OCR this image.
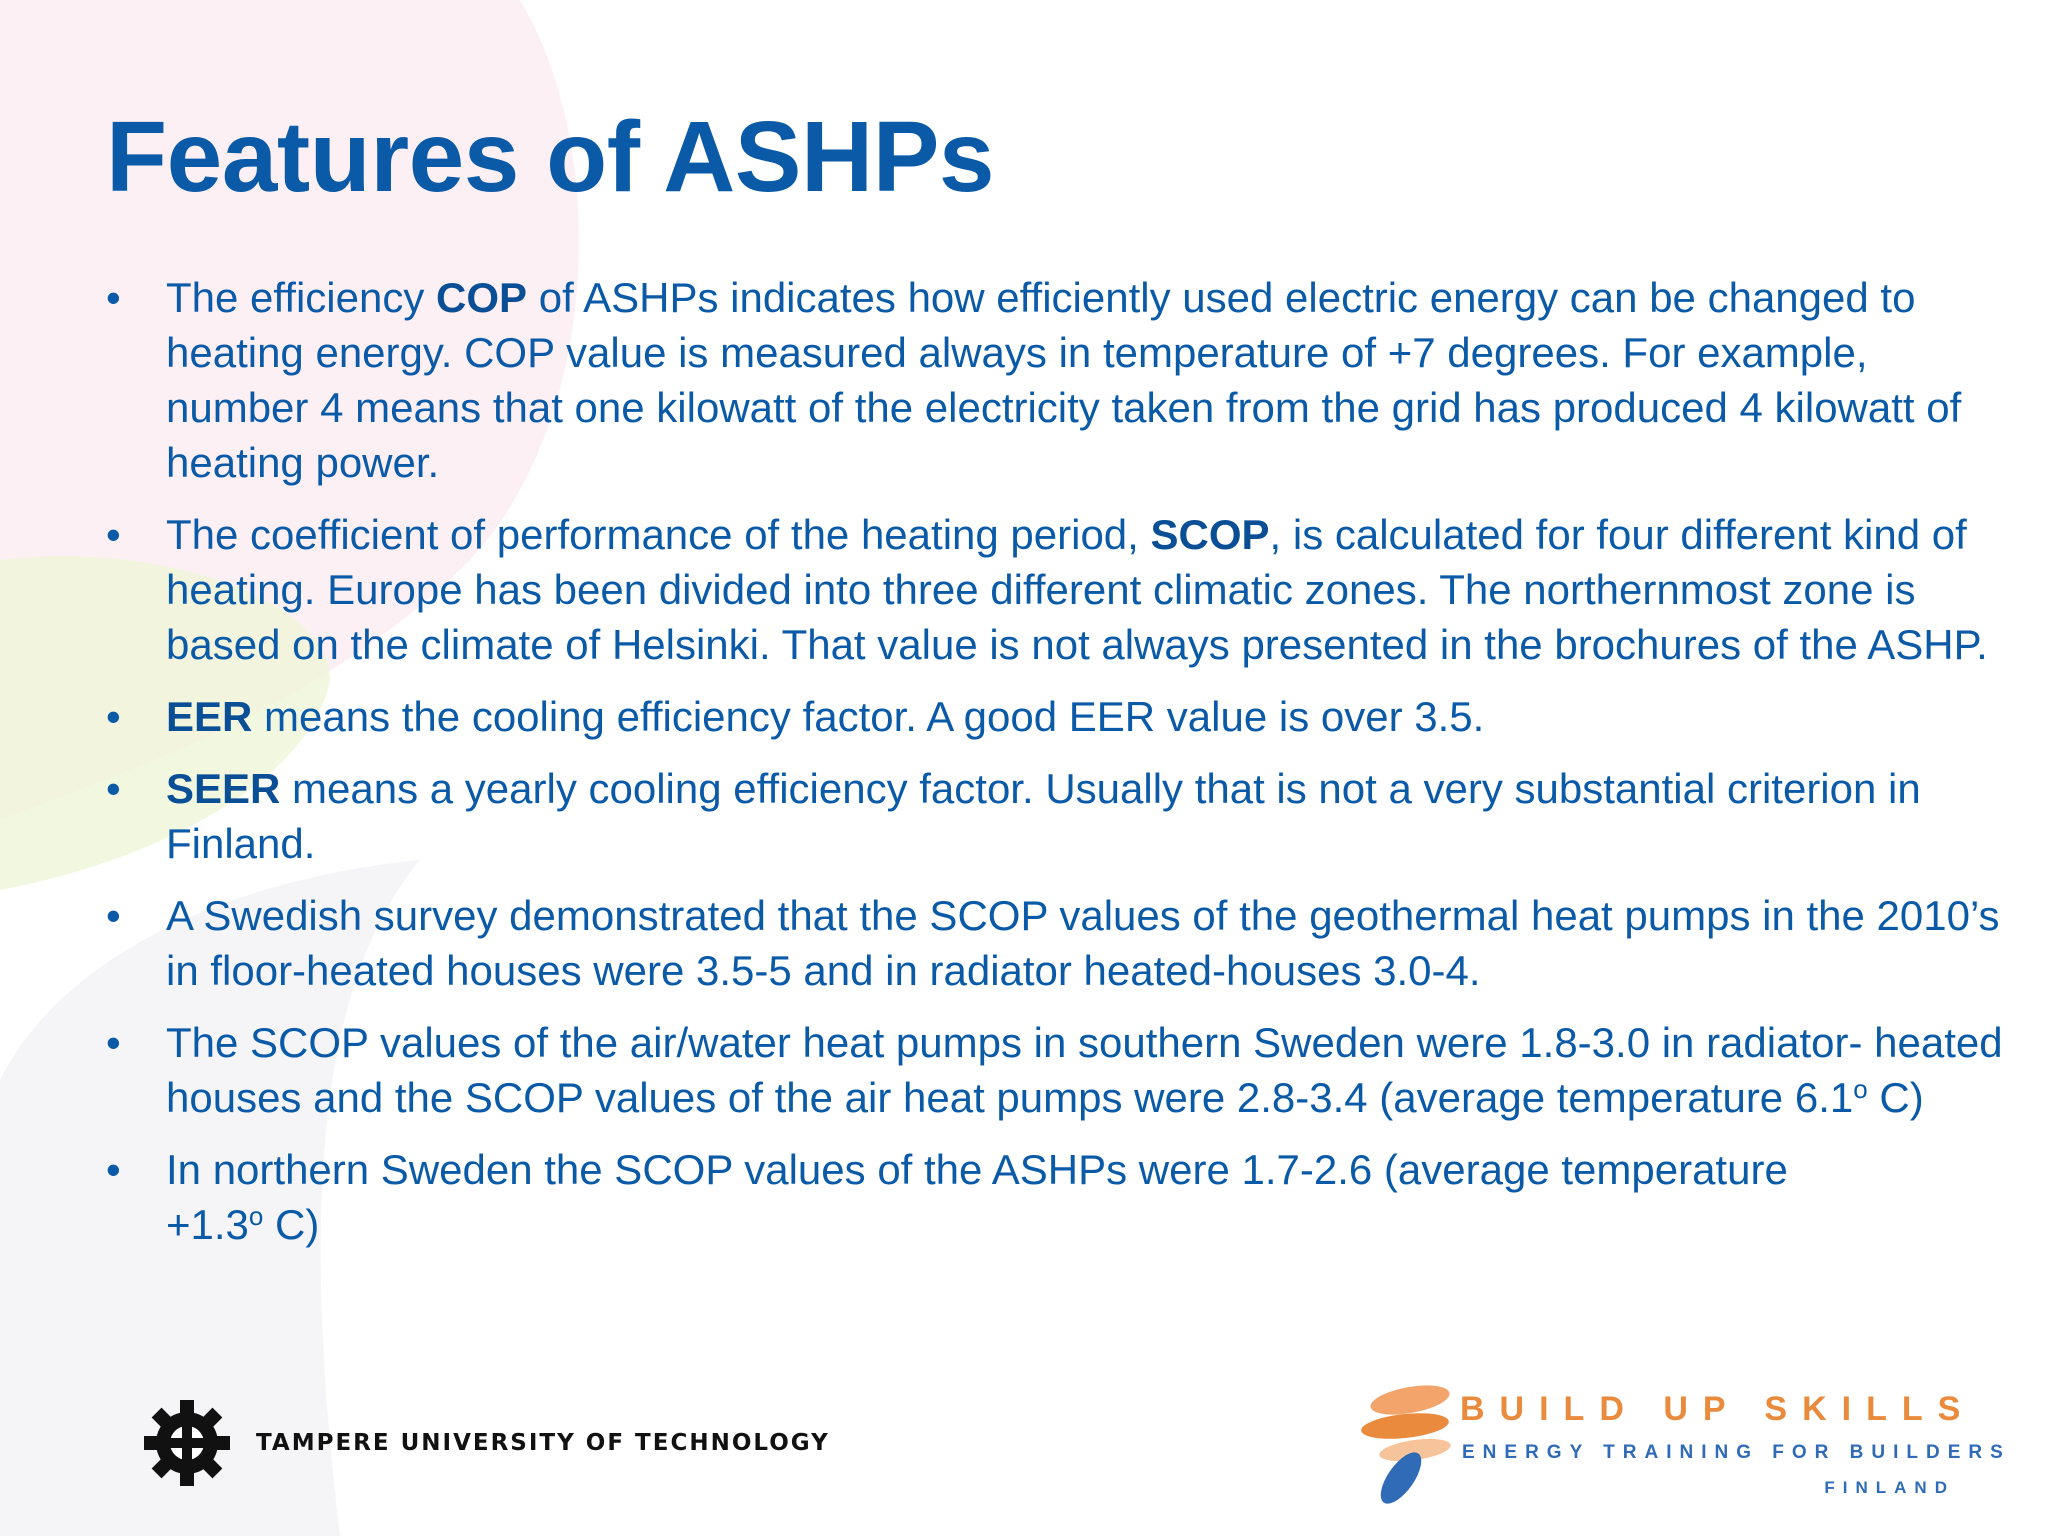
Features of ASHPs
•	The efficiency COP of ASHPs indicates how efficiently used electric energy can be changed to heating energy. COP value is measured always in temperature of +7 degrees. For example, number 4 means that one kilowatt of the electricity taken from the grid has produced 4 kilowatt of heating power.
•	The coefficient of performance of the heating period, SCOP, is calculated for four different kind of heating. Europe has been divided into three different climatic zones. The northernmost zone is based on the climate of Helsinki. That value is not always presented in the brochures of the ASHP.
•	EER means the cooling efficiency factor. A good EER value is over 3.5.
•	SEER means a yearly cooling efficiency factor. Usually that is not a very substantial criterion in Finland.
•	A Swedish survey demonstrated that the SCOP values of the geothermal heat pumps in the 2010’s in floor-heated houses were 3.5-5 and in radiator heated-houses 3.0-4.
•	The SCOP values of the air/water heat pumps in southern Sweden were 1.8-3.0 in radiator- heated houses and the SCOP values of the air heat pumps were 2.8-3.4 (average temperature 6.1$^o$ C)
•	In northern Sweden the SCOP values of the ASHPs were 1.7-2.6 (average temperature
$+1.3^o$ C)
TAMPERE UNIVERSITY OF TECHNOLOGY
BUILD UP SKILLS
ENERGY TRAINING FOR BUILDERS
FINLAND
